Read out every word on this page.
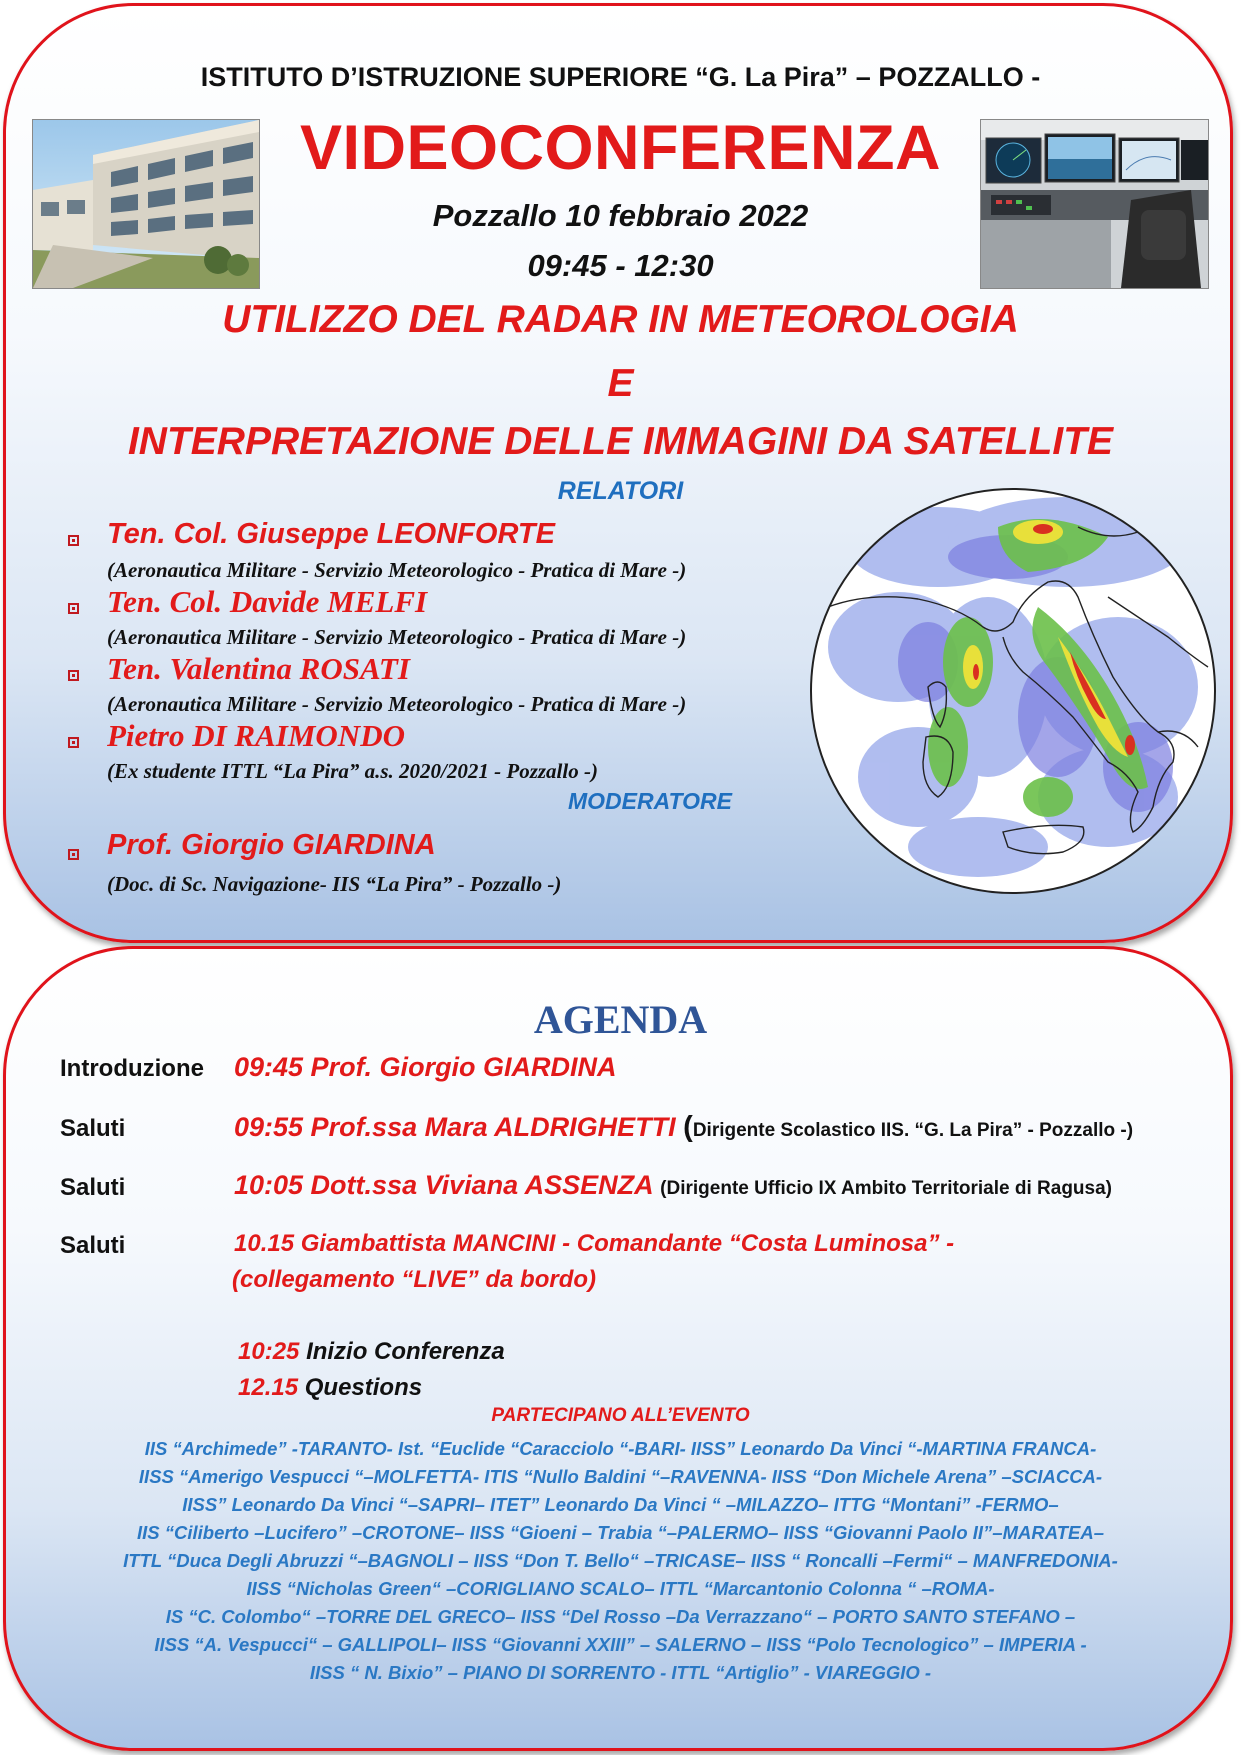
ISTITUTO D’ISTRUZIONE SUPERIORE “G. La Pira” – POZZALLO -
VIDEOCONFERENZA
Pozzallo 10 febbraio 2022
09:45 - 12:30
UTILIZZO DEL RADAR IN METEOROLOGIA
E
INTERPRETAZIONE DELLE IMMAGINI DA SATELLITE
RELATORI
Ten. Col. Giuseppe LEONFORTE
(Aeronautica Militare - Servizio Meteorologico - Pratica di Mare -)
Ten. Col. Davide MELFI
(Aeronautica Militare - Servizio Meteorologico - Pratica di Mare -)
Ten. Valentina ROSATI
(Aeronautica Militare - Servizio Meteorologico - Pratica di Mare -)
Pietro DI RAIMONDO
(Ex studente ITTL “La Pira” a.s. 2020/2021 - Pozzallo -)
MODERATORE
Prof. Giorgio GIARDINA
(Doc. di Sc. Navigazione- IIS “La Pira” - Pozzallo -)
AGENDA
Introduzione 09:45 Prof. Giorgio GIARDINA
Saluti	09:55 Prof.ssa Mara ALDRIGHETTI (Dirigente Scolastico IIS. “G. La Pira” - Pozzallo -)
Saluti	10:05 Dott.ssa Viviana ASSENZA (Dirigente Ufficio IX Ambito Territoriale di Ragusa)
Saluti	10.15 Giambattista MANCINI - Comandante “Costa Luminosa” -
(collegamento “LIVE” da bordo)
10:25 Inizio Conferenza
12.15 Questions
PARTECIPANO ALL’EVENTO
IIS “Archimede” -TARANTO- Ist. “Euclide “Caracciolo “-BARI- IISS” Leonardo Da Vinci “-MARTINA FRANCA-
IISS “Amerigo Vespucci “–MOLFETTA- ITIS “Nullo Baldini “–RAVENNA- IISS “Don Michele Arena” –SCIACCA-
IISS” Leonardo Da Vinci “–SAPRI– ITET” Leonardo Da Vinci “ –MILAZZO– ITTG “Montani” -FERMO–
IIS “Ciliberto –Lucifero” –CROTONE– IISS “Gioeni – Trabia “–PALERMO– IISS “Giovanni Paolo II”–MARATEA–
ITTL “Duca Degli Abruzzi “–BAGNOLI – IISS “Don T. Bello“ –TRICASE– IISS “ Roncalli –Fermi“ – MANFREDONIA-
IISS “Nicholas Green“ –CORIGLIANO SCALO– ITTL “Marcantonio Colonna “ –ROMA-
IS “C. Colombo“ –TORRE DEL GRECO– IISS “Del Rosso –Da Verrazzano“ – PORTO SANTO STEFANO –
IISS “A. Vespucci“ – GALLIPOLI– IISS “Giovanni XXIII” – SALERNO – IISS “Polo Tecnologico” – IMPERIA -
IISS “ N. Bixio” – PIANO DI SORRENTO - ITTL “Artiglio” - VIAREGGIO -
